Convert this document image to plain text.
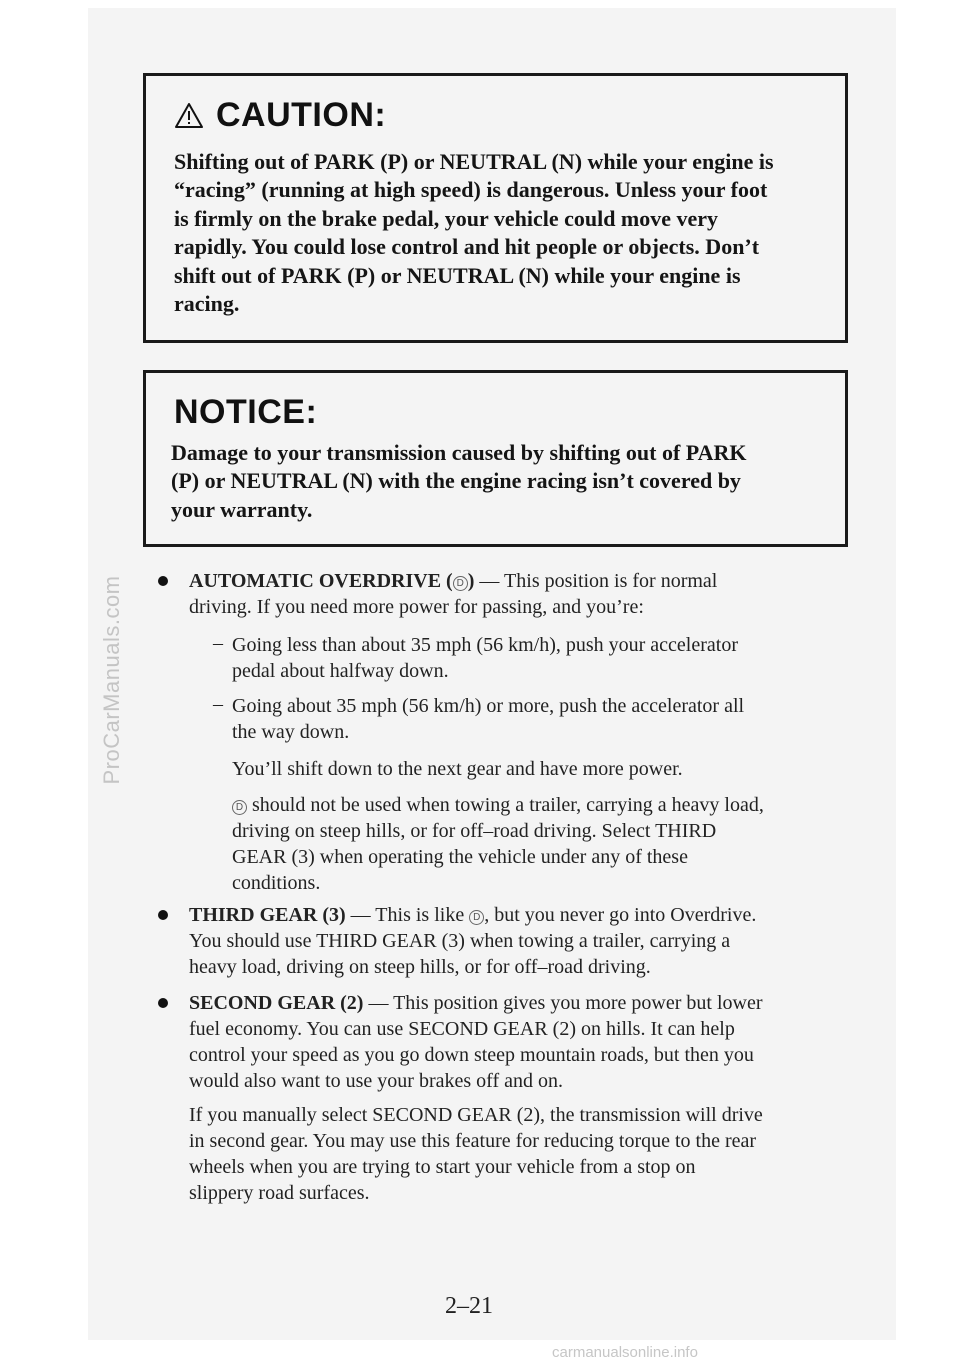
ProCarManuals.com
CAUTION:
Shifting out of PARK (P) or NEUTRAL (N) while your engine is
“racing” (running at high speed) is dangerous. Unless your foot
is firmly on the brake pedal, your vehicle could move very
rapidly. You could lose control and hit people or objects. Don’t
shift out of PARK (P) or NEUTRAL (N) while your engine is
racing.
NOTICE:
Damage to your transmission caused by shifting out of PARK
(P) or NEUTRAL (N) with the engine racing isn’t covered by
your warranty.
AUTOMATIC OVERDRIVE ( D ) — This position is for normal
driving. If you need more power for passing, and you’re:
– Going less than about 35 mph (56 km/h), push your accelerator
pedal about halfway down.
– Going about 35 mph (56 km/h) or more, push the accelerator all
the way down.
You’ll shift down to the next gear and have more power.
D should not be used when towing a trailer, carrying a heavy load,
driving on steep hills, or for off–road driving. Select THIRD
GEAR (3) when operating the vehicle under any of these
conditions.
THIRD GEAR (3) — This is like D , but you never go into Overdrive.
You should use THIRD GEAR (3) when towing a trailer, carrying a
heavy load, driving on steep hills, or for off–road driving.
SECOND GEAR (2) — This position gives you more power but lower
fuel economy. You can use SECOND GEAR (2) on hills. It can help
control your speed as you go down steep mountain roads, but then you
would also want to use your brakes off and on.
If you manually select SECOND GEAR (2), the transmission will drive
in second gear. You may use this feature for reducing torque to the rear
wheels when you are trying to start your vehicle from a stop on
slippery road surfaces.
2–21
carmanualsonline.info
